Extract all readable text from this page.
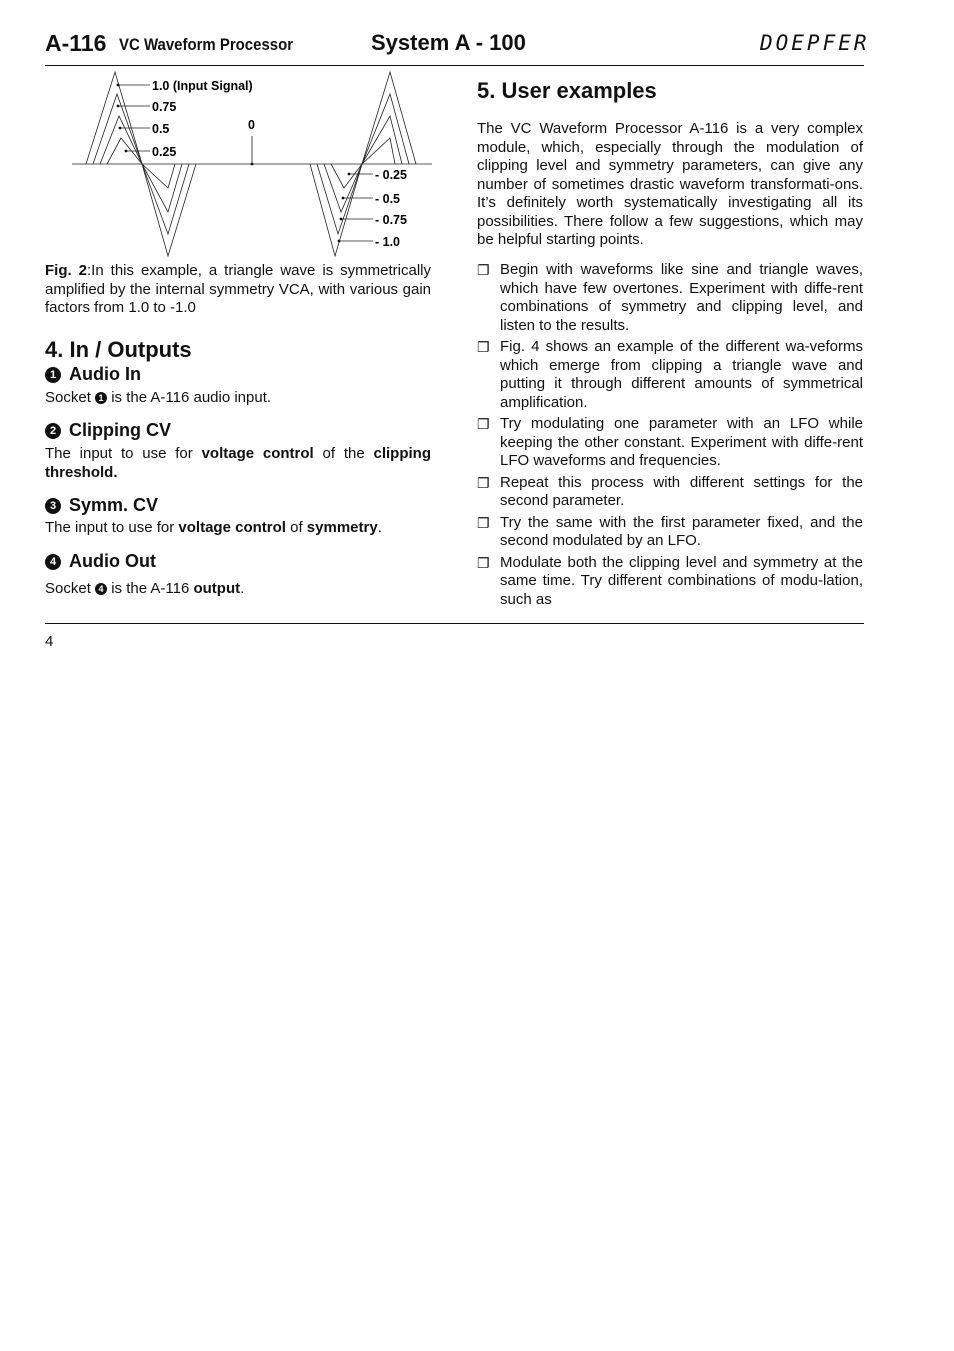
A-116 VC Waveform Processor	System A - 100	DOEPFER
1.0 (Input Signal)
0.75
0.5
0.25
0
- 0.25
- 0.5
- 0.75
- 1.0
Fig. 2:In this example, a triangle wave is symmetrically amplified by the internal symmetry VCA, with various gain factors from 1.0 to -1.0
4. In / Outputs
1 Audio In
Socket 1 is the A-116 audio input.
2 Clipping CV
The input to use for voltage control of the clipping threshold.
3 Symm. CV
The input to use for voltage control of symmetry.
4 Audio Out
Socket 4 is the A-116 output.
5. User examples
The VC Waveform Processor A-116 is a very complex module, which, especially through the modulation of clipping level and symmetry parameters, can give any number of sometimes drastic waveform transformati-ons. It’s definitely worth systematically investigating all its possibilities. There follow a few suggestions, which may be helpful starting points.
❐ Begin with waveforms like sine and triangle waves, which have few overtones. Experiment with diffe-rent combinations of symmetry and clipping level, and listen to the results.
❐ Fig. 4 shows an example of the different wa-veforms which emerge from clipping a triangle wave and putting it through different amounts of symmetrical amplification.
❐ Try modulating one parameter with an LFO while keeping the other constant. Experiment with diffe-rent LFO waveforms and frequencies.
❐ Repeat this process with different settings for the second parameter.
❐ Try the same with the first parameter fixed, and the second modulated by an LFO.
❐ Modulate both the clipping level and symmetry at the same time. Try different combinations of modu-lation, such as
4
